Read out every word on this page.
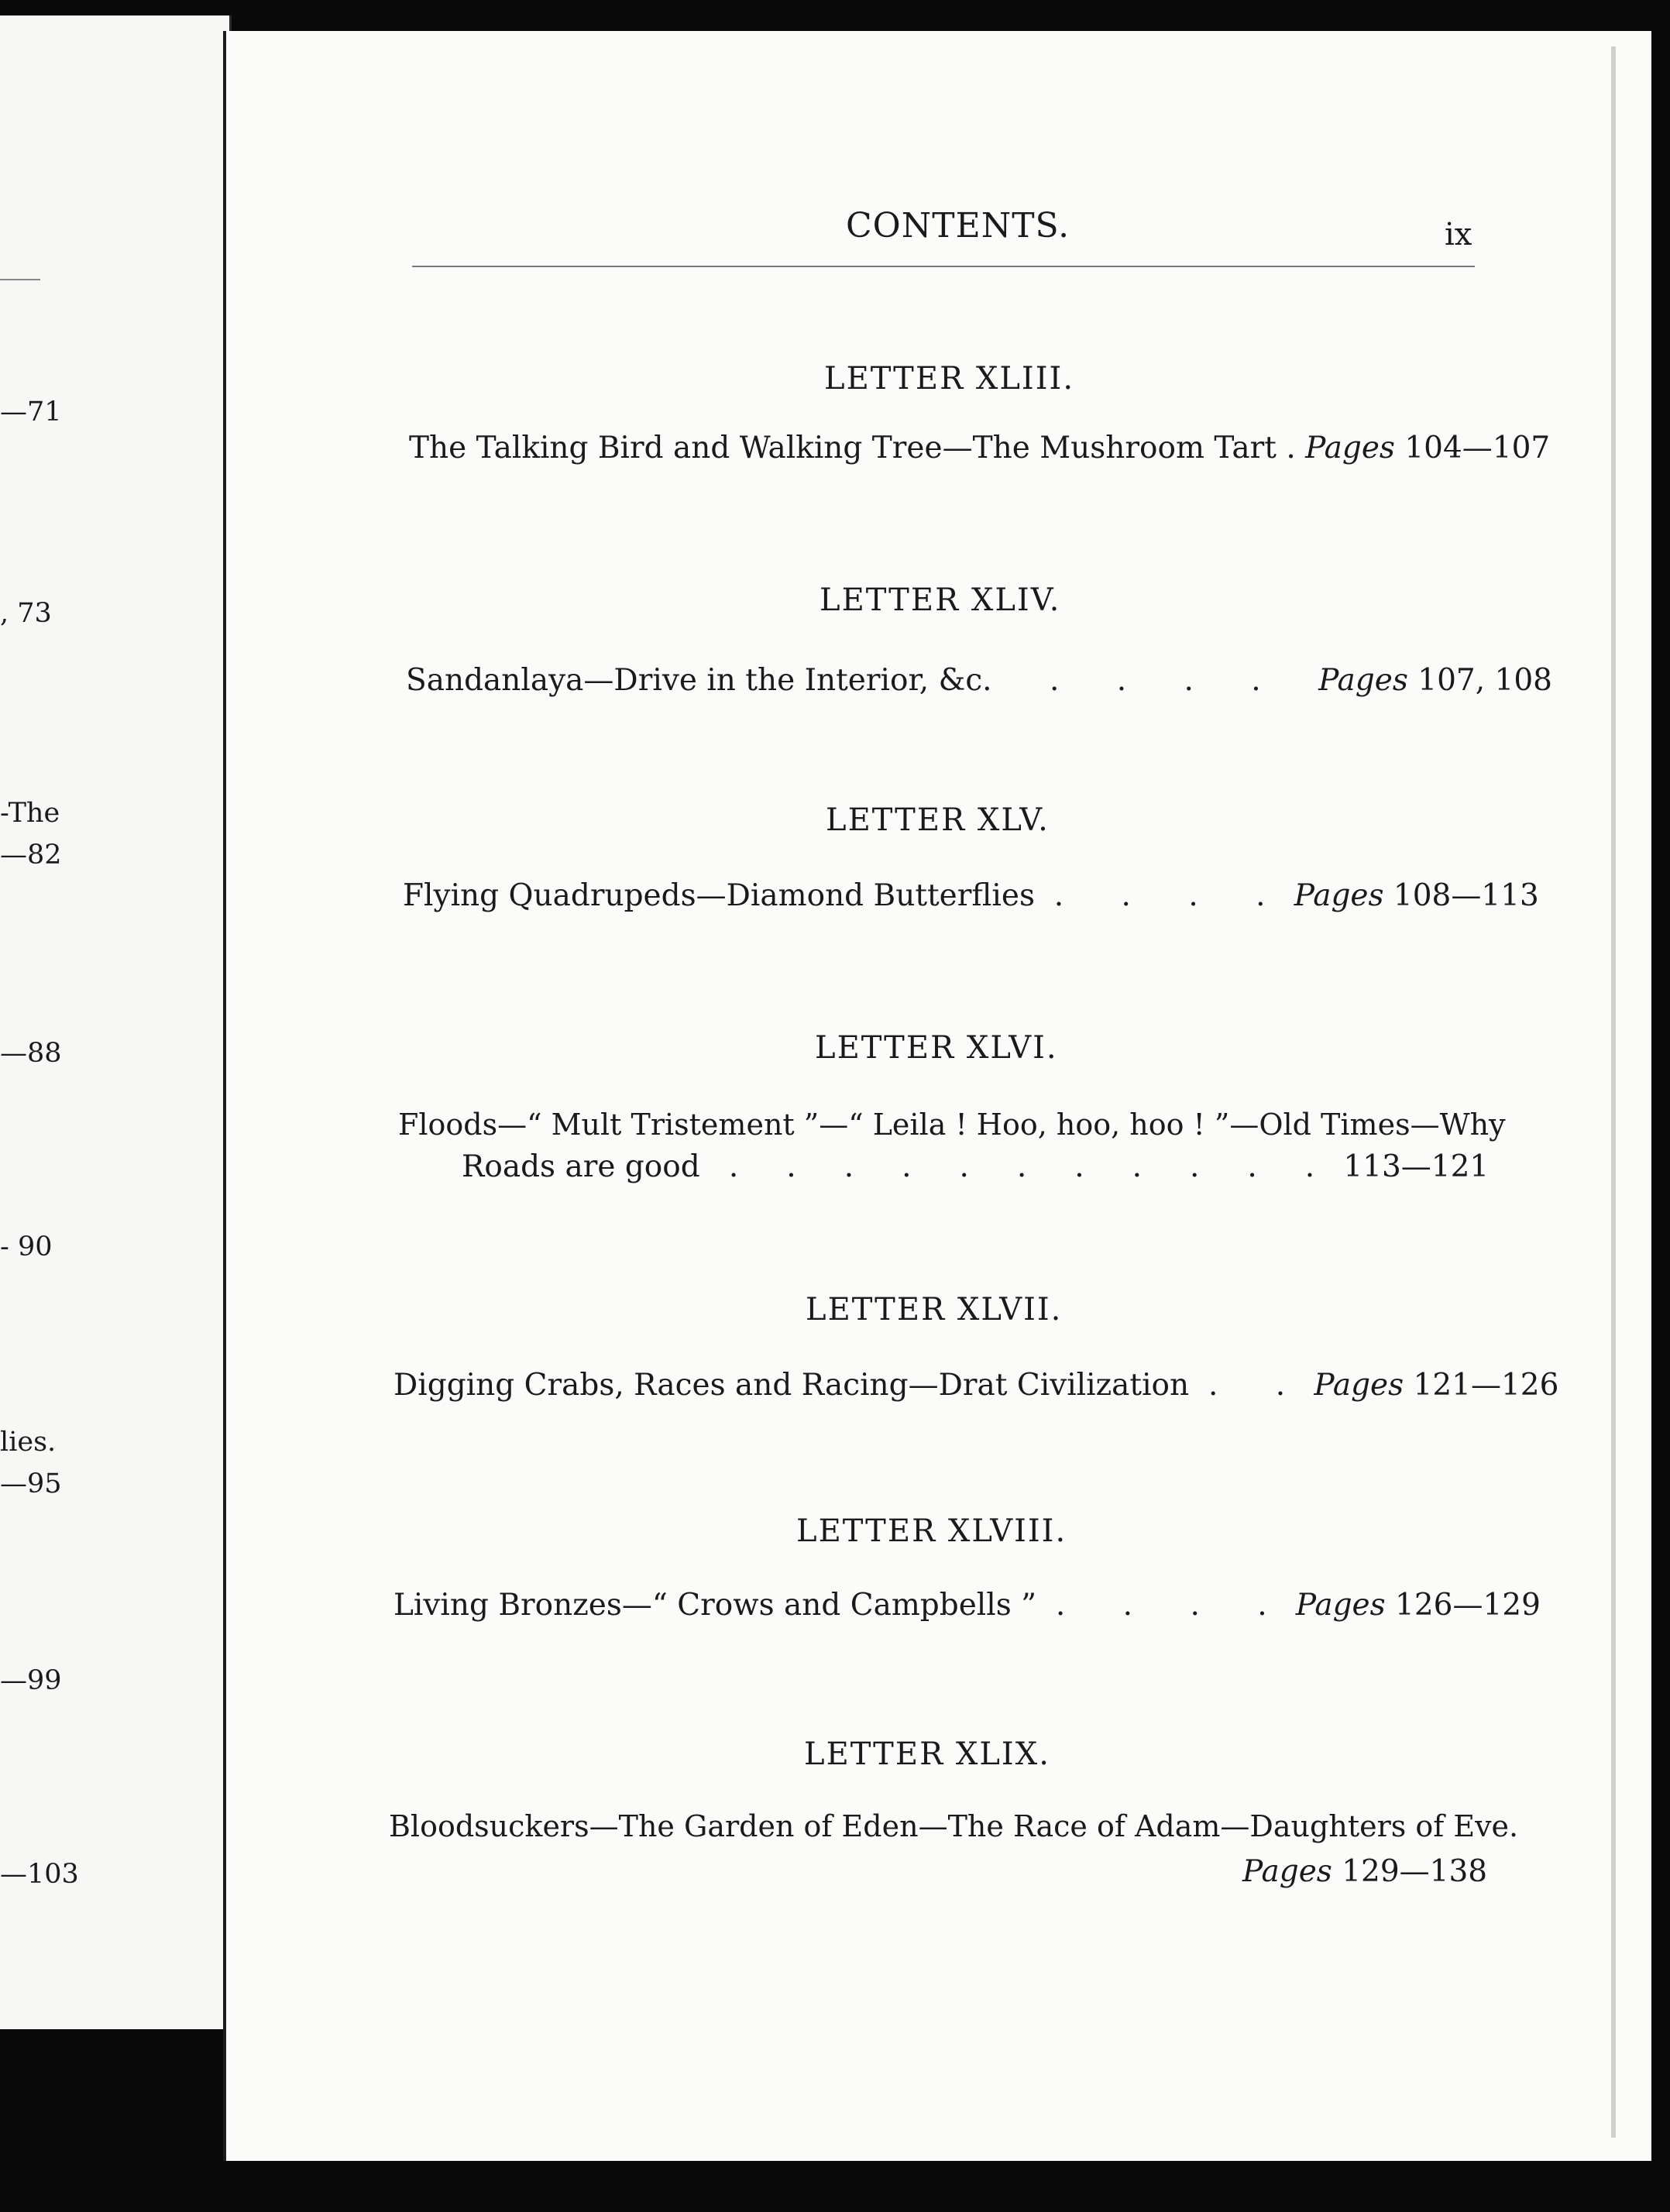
—71
, 73
-The
—82
—88
- 90
lies.
—95
—99
—103
CONTENTS.	ix
LETTER XLIII.
The Talking Bird and Walking Tree—The Mushroom Tart . Pages 104—107
LETTER XLIV.
Sandanlaya—Drive in the Interior, &c.      .      .      .      .      Pages 107, 108
LETTER XLV.
Flying Quadrupeds—Diamond Butterflies  .      .      .      .   Pages 108—113
LETTER XLVI.
Floods—“ Mult Tristement ”—“ Leila ! Hoo, hoo, hoo ! ”—Old Times—Why
Roads are good   .     .     .     .     .     .     .     .     .     .     .   113—121
LETTER XLVII.
Digging Crabs, Races and Racing—Drat Civilization  .      .   Pages 121—126
LETTER XLVIII.
Living Bronzes—“ Crows and Campbells ”  .      .      .      .   Pages 126—129
LETTER XLIX.
Bloodsuckers—The Garden of Eden—The Race of Adam—Daughters of Eve.
Pages 129—138
